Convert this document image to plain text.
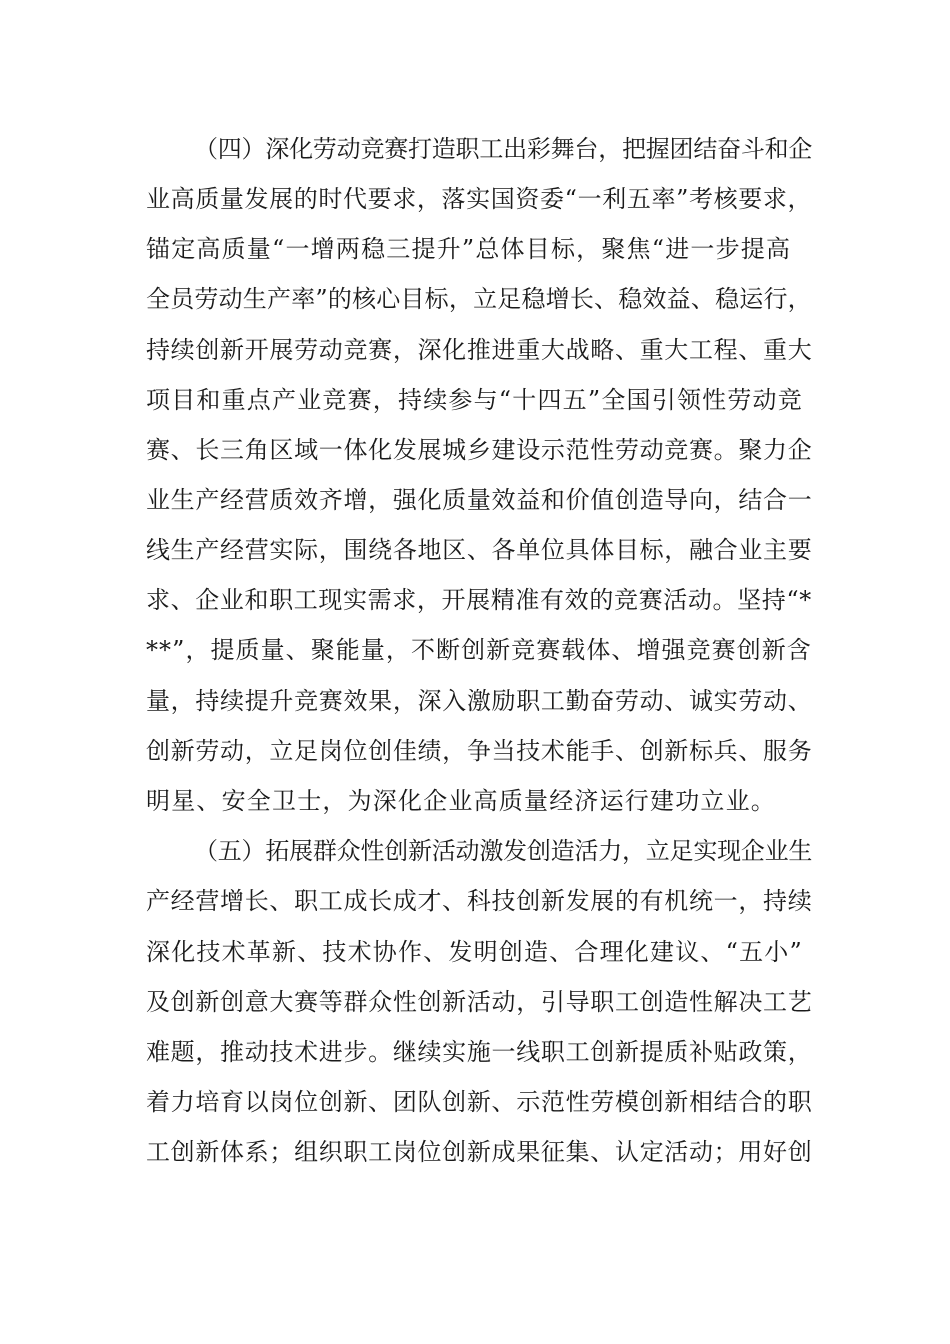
（四）深化劳动竞赛打造职工出彩舞台，把握团结奋斗和企
业高质量发展的时代要求，落实国资委“一利五率”考核要求，
锚定高质量“一增两稳三提升”总体目标，聚焦“进一步提高
全员劳动生产率”的核心目标，立足稳增长、稳效益、稳运行，
持续创新开展劳动竞赛，深化推进重大战略、重大工程、重大
项目和重点产业竞赛，持续参与“十四五”全国引领性劳动竞
赛、长三角区域一体化发展城乡建设示范性劳动竞赛。聚力企
业生产经营质效齐增，强化质量效益和价值创造导向，结合一
线生产经营实际，围绕各地区、各单位具体目标，融合业主要
求、企业和职工现实需求，开展精准有效的竞赛活动。坚持“*
**”，提质量、聚能量，不断创新竞赛载体、增强竞赛创新含
量，持续提升竞赛效果，深入激励职工勤奋劳动、诚实劳动、
创新劳动，立足岗位创佳绩，争当技术能手、创新标兵、服务
明星、安全卫士，为深化企业高质量经济运行建功立业。
（五）拓展群众性创新活动激发创造活力，立足实现企业生
产经营增长、职工成长成才、科技创新发展的有机统一，持续
深化技术革新、技术协作、发明创造、合理化建议、“五小”
及创新创意大赛等群众性创新活动，引导职工创造性解决工艺
难题，推动技术进步。继续实施一线职工创新提质补贴政策，
着力培育以岗位创新、团队创新、示范性劳模创新相结合的职
工创新体系；组织职工岗位创新成果征集、认定活动；用好创
